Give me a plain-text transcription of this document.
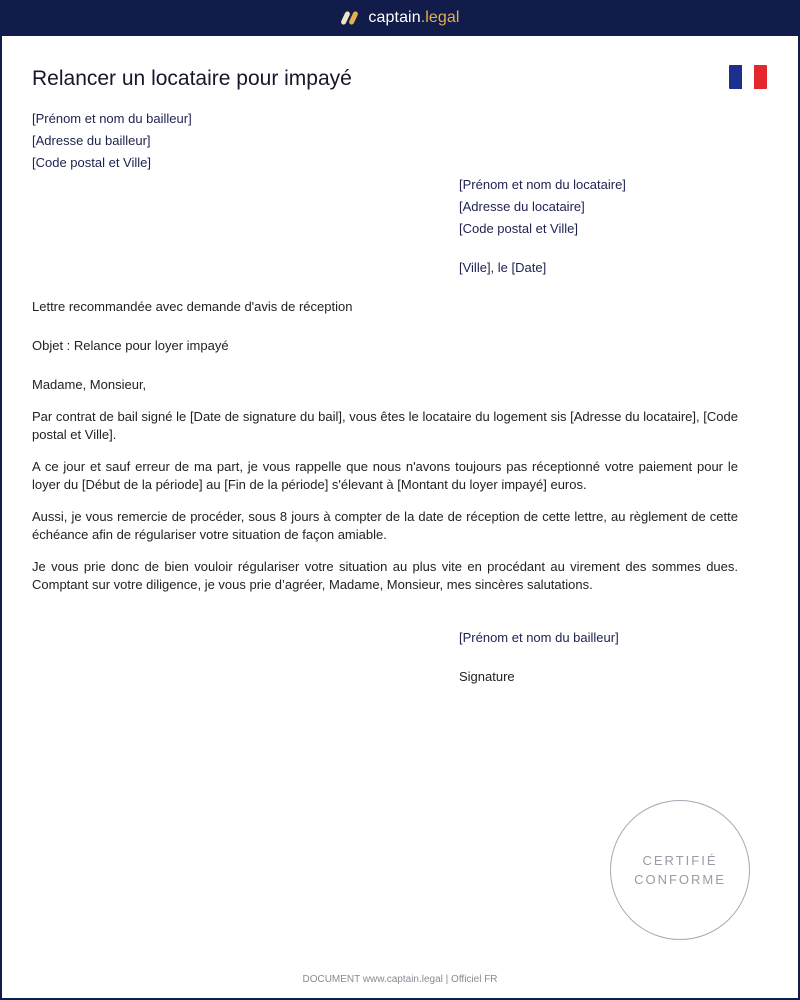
captain.legal
Relancer un locataire pour impayé
[Prénom et nom du bailleur]
[Adresse du bailleur]
[Code postal et Ville]
[Prénom et nom du locataire]
[Adresse du locataire]
[Code postal et Ville]
[Ville], le [Date]
Lettre recommandée avec demande d'avis de réception
Objet : Relance pour loyer impayé
Madame, Monsieur,

Par contrat de bail signé le [Date de signature du bail], vous êtes le locataire du logement sis [Adresse du locataire], [Code postal et Ville].

A ce jour et sauf erreur de ma part, je vous rappelle que nous n'avons toujours pas réceptionné votre paiement pour le loyer du [Début de la période] au [Fin de la période] s'élevant à [Montant du loyer impayé] euros.

Aussi, je vous remercie de procéder, sous 8 jours à compter de la date de réception de cette lettre, au règlement de cette échéance afin de régulariser votre situation de façon amiable.

Je vous prie donc de bien vouloir régulariser votre situation au plus vite en procédant au virement des sommes dues. Comptant sur votre diligence, je vous prie d’agréer, Madame, Monsieur, mes sincères salutations.

[Prénom et nom du bailleur]
Signature
CERTIFIÉ
CONFORME
DOCUMENT www.captain.legal | Officiel FR
